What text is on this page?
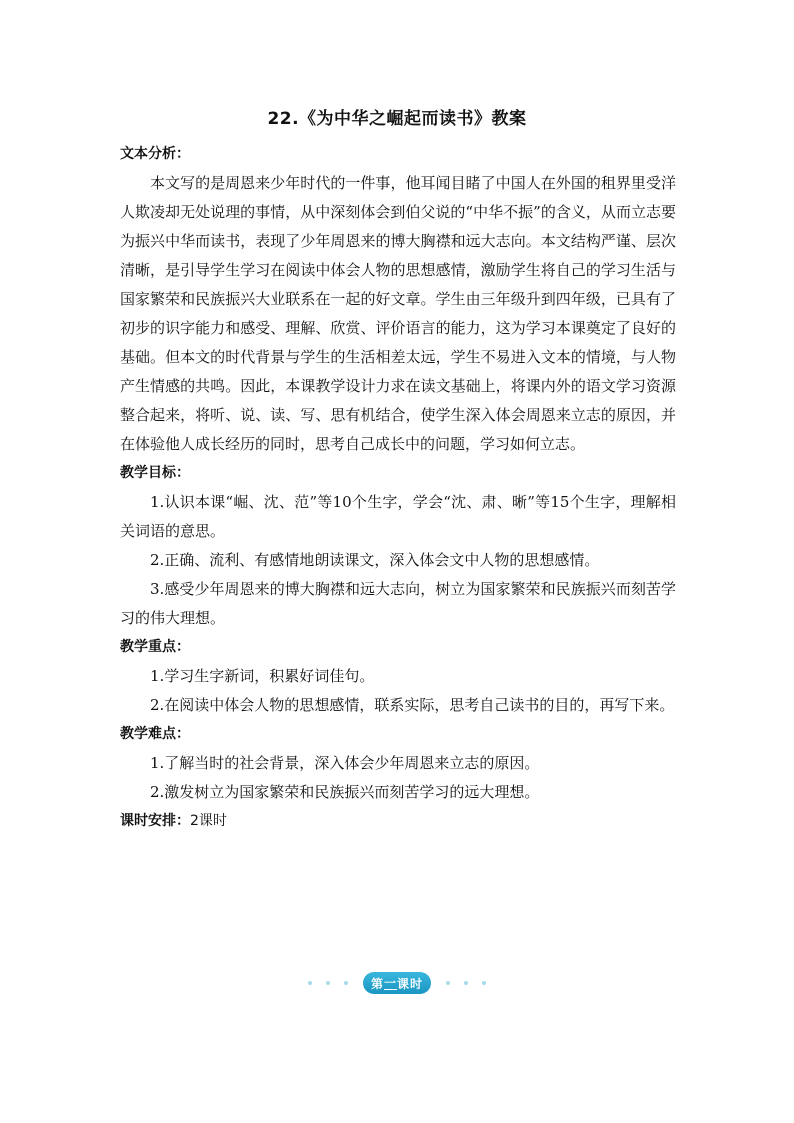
22.《为中华之崛起而读书》教案

文本分析：

本文写的是周恩来少年时代的一件事，他耳闻目睹了中国人在外国的租界里受洋人欺凌却无处说理的事情，从中深刻体会到伯父说的“中华不振”的含义，从而立志要为振兴中华而读书，表现了少年周恩来的博大胸襟和远大志向。本文结构严谨、层次清晰，是引导学生学习在阅读中体会人物的思想感情，激励学生将自己的学习生活与国家繁荣和民族振兴大业联系在一起的好文章。学生由三年级升到四年级，已具有了初步的识字能力和感受、理解、欣赏、评价语言的能力，这为学习本课奠定了良好的基础。但本文的时代背景与学生的生活相差太远，学生不易进入文本的情境，与人物产生情感的共鸣。因此，本课教学设计力求在读文基础上，将课内外的语文学习资源整合起来，将听、说、读、写、思有机结合，使学生深入体会周恩来立志的原因，并在体验他人成长经历的同时，思考自己成长中的问题，学习如何立志。

教学目标：

1.认识本课“崛、沈、范”等10个生字，学会“沈、肃、晰”等15个生字，理解相关词语的意思。

2.正确、流利、有感情地朗读课文，深入体会文中人物的思想感情。

3.感受少年周恩来的博大胸襟和远大志向，树立为国家繁荣和民族振兴而刻苦学习的伟大理想。

教学重点：

1.学习生字新词，积累好词佳句。

2.在阅读中体会人物的思想感情，联系实际，思考自己读书的目的，再写下来。

教学难点：

1.了解当时的社会背景，深入体会少年周恩来立志的原因。

2.激发树立为国家繁荣和民族振兴而刻苦学习的远大理想。

课时安排：2课时

第 一 课 时
